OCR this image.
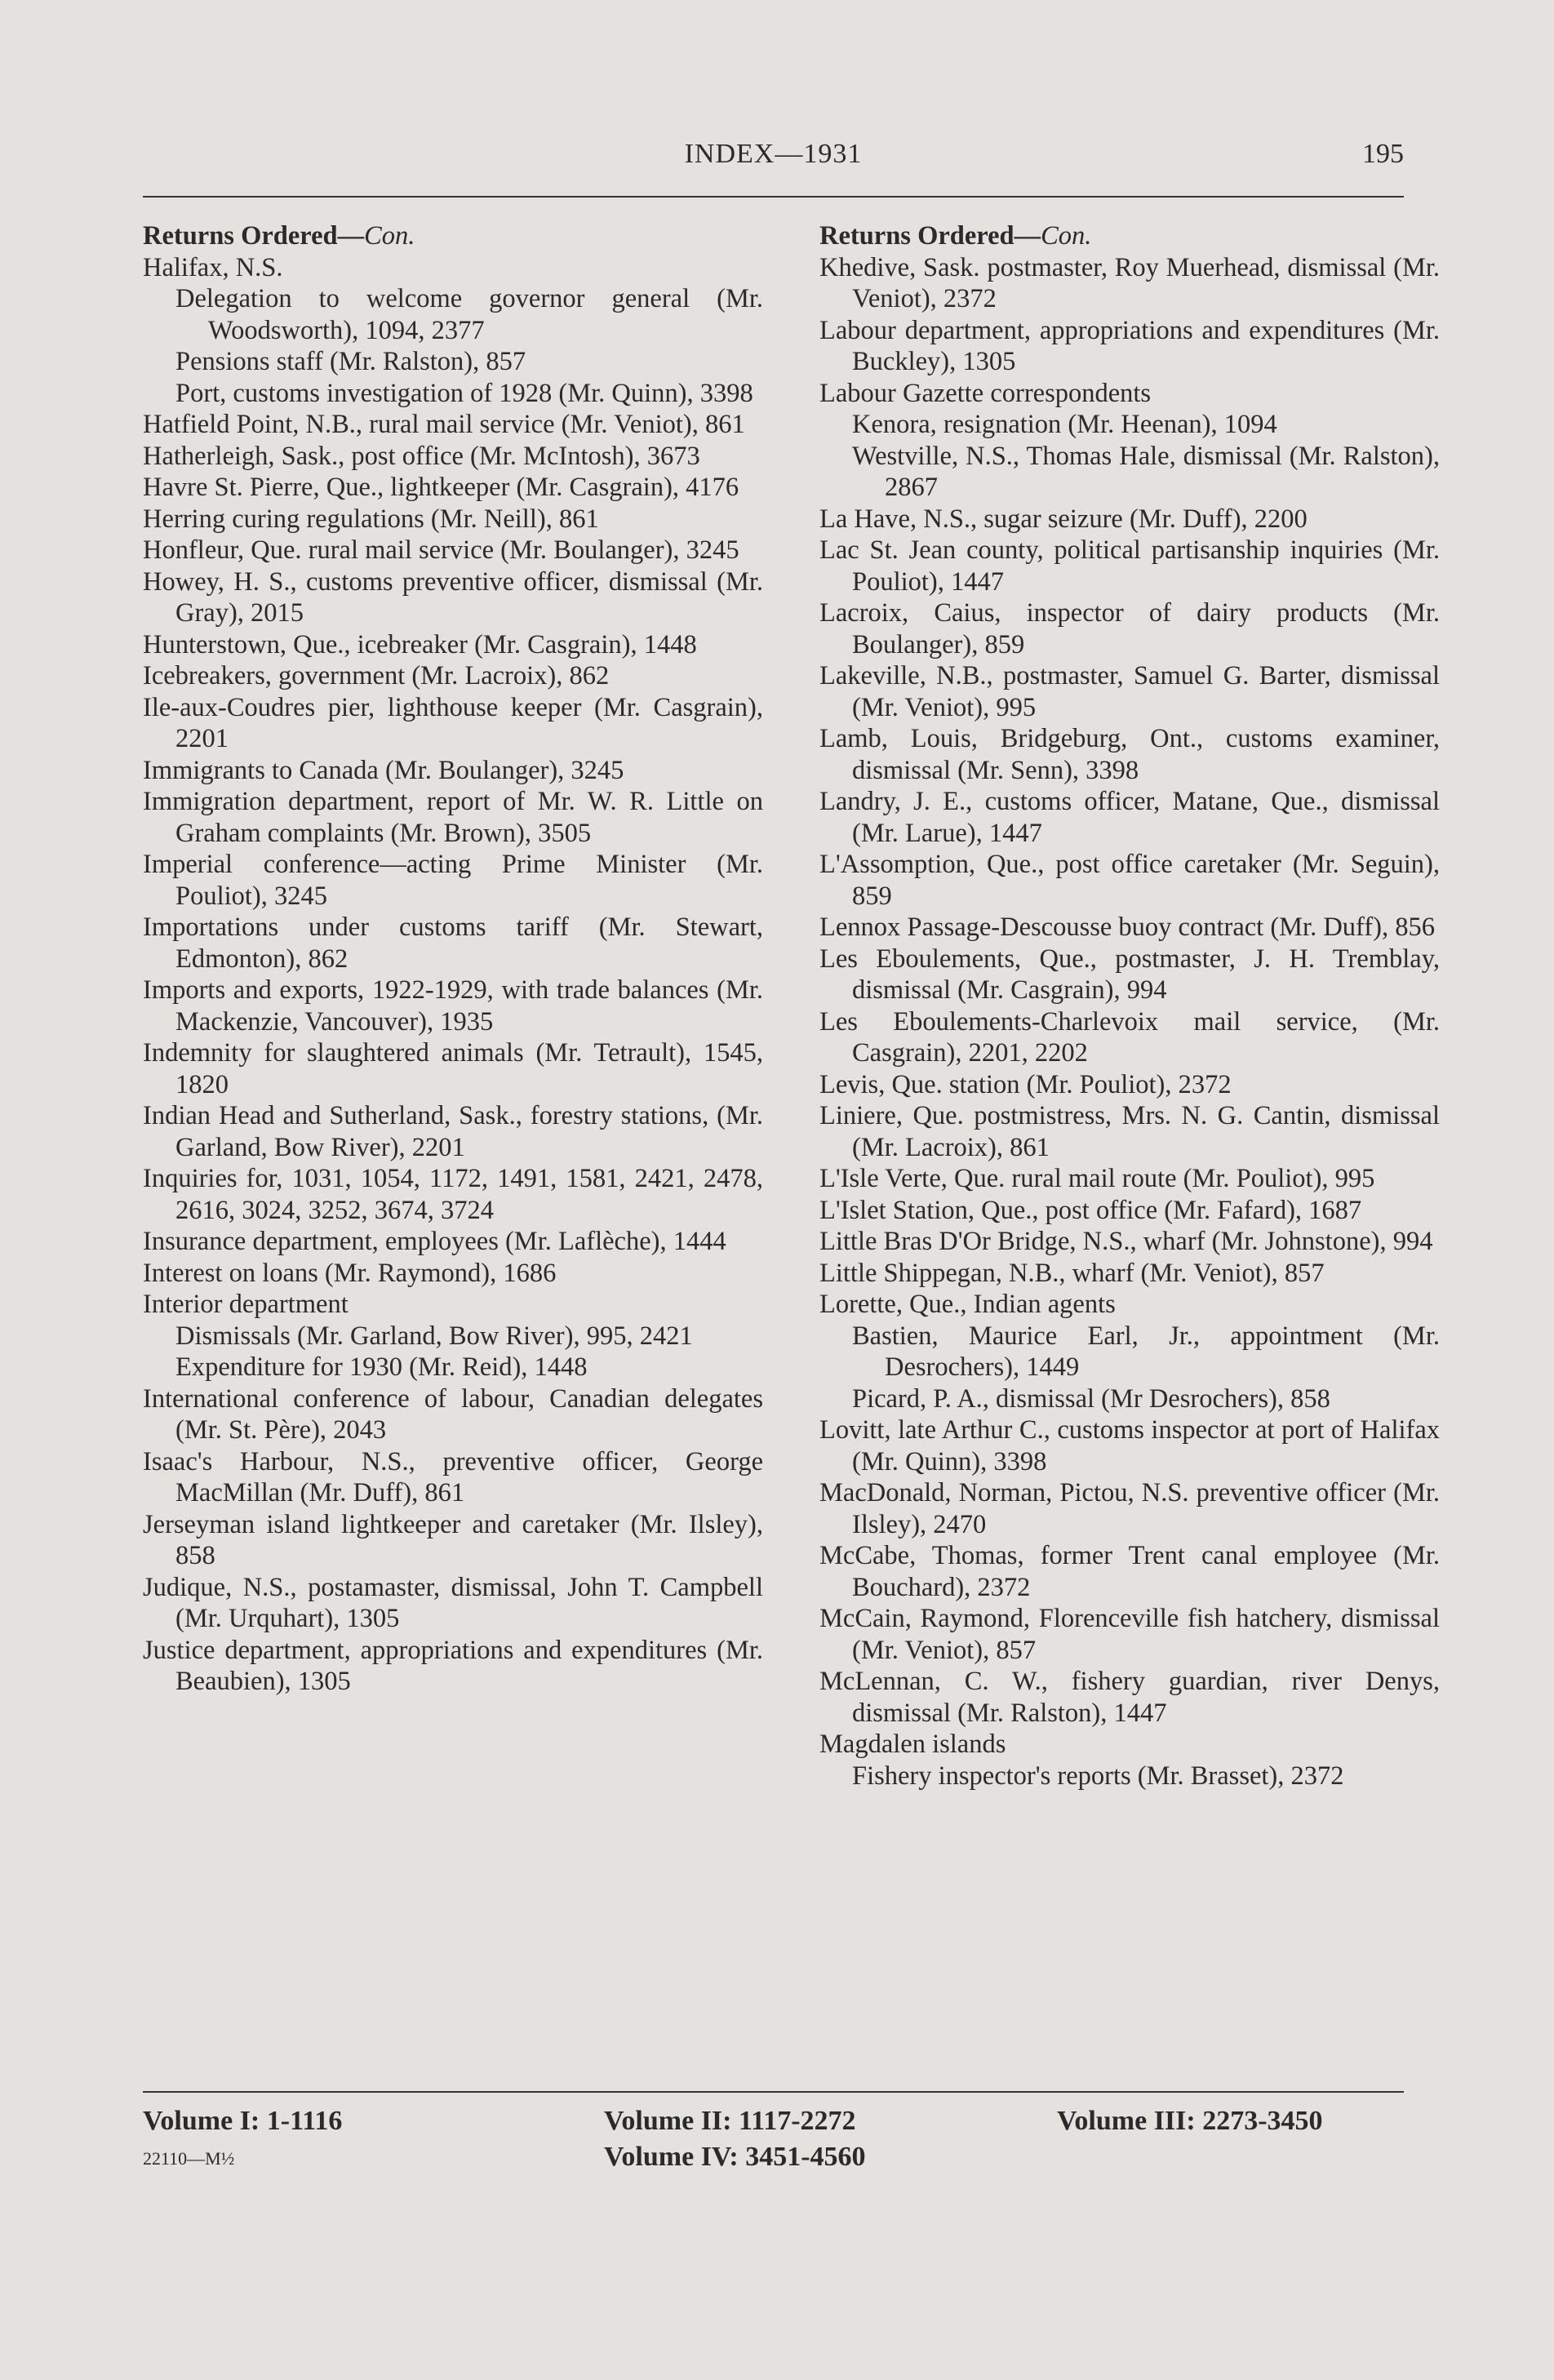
INDEX—1931	195
Returns Ordered—Con.
Halifax, N.S.
Delegation to welcome governor general (Mr. Woodsworth), 1094, 2377
Pensions staff (Mr. Ralston), 857
Port, customs investigation of 1928 (Mr. Quinn), 3398
Hatfield Point, N.B., rural mail service (Mr. Veniot), 861
Hatherleigh, Sask., post office (Mr. McIntosh), 3673
Havre St. Pierre, Que., lightkeeper (Mr. Casgrain), 4176
Herring curing regulations (Mr. Neill), 861
Honfleur, Que. rural mail service (Mr. Boulanger), 3245
Howey, H. S., customs preventive officer, dismissal (Mr. Gray), 2015
Hunterstown, Que., icebreaker (Mr. Casgrain), 1448
Icebreakers, government (Mr. Lacroix), 862
Ile-aux-Coudres pier, lighthouse keeper (Mr. Casgrain), 2201
Immigrants to Canada (Mr. Boulanger), 3245
Immigration department, report of Mr. W. R. Little on Graham complaints (Mr. Brown), 3505
Imperial conference—acting Prime Minister (Mr. Pouliot), 3245
Importations under customs tariff (Mr. Stewart, Edmonton), 862
Imports and exports, 1922-1929, with trade balances (Mr. Mackenzie, Vancouver), 1935
Indemnity for slaughtered animals (Mr. Tetrault), 1545, 1820
Indian Head and Sutherland, Sask., forestry stations, (Mr. Garland, Bow River), 2201
Inquiries for, 1031, 1054, 1172, 1491, 1581, 2421, 2478, 2616, 3024, 3252, 3674, 3724
Insurance department, employees (Mr. Laflèche), 1444
Interest on loans (Mr. Raymond), 1686
Interior department
Dismissals (Mr. Garland, Bow River), 995, 2421
Expenditure for 1930 (Mr. Reid), 1448
International conference of labour, Canadian delegates (Mr. St. Père), 2043
Isaac's Harbour, N.S., preventive officer, George MacMillan (Mr. Duff), 861
Jerseyman island lightkeeper and caretaker (Mr. Ilsley), 858
Judique, N.S., postamaster, dismissal, John T. Campbell (Mr. Urquhart), 1305
Justice department, appropriations and expenditures (Mr. Beaubien), 1305
Returns Ordered—Con.
Khedive, Sask. postmaster, Roy Muerhead, dismissal (Mr. Veniot), 2372
Labour department, appropriations and expenditures (Mr. Buckley), 1305
Labour Gazette correspondents
Kenora, resignation (Mr. Heenan), 1094
Westville, N.S., Thomas Hale, dismissal (Mr. Ralston), 2867
La Have, N.S., sugar seizure (Mr. Duff), 2200
Lac St. Jean county, political partisanship inquiries (Mr. Pouliot), 1447
Lacroix, Caius, inspector of dairy products (Mr. Boulanger), 859
Lakeville, N.B., postmaster, Samuel G. Barter, dismissal (Mr. Veniot), 995
Lamb, Louis, Bridgeburg, Ont., customs examiner, dismissal (Mr. Senn), 3398
Landry, J. E., customs officer, Matane, Que., dismissal (Mr. Larue), 1447
L'Assomption, Que., post office caretaker (Mr. Seguin), 859
Lennox Passage-Descousse buoy contract (Mr. Duff), 856
Les Eboulements, Que., postmaster, J. H. Tremblay, dismissal (Mr. Casgrain), 994
Les Eboulements-Charlevoix mail service, (Mr. Casgrain), 2201, 2202
Levis, Que. station (Mr. Pouliot), 2372
Liniere, Que. postmistress, Mrs. N. G. Cantin, dismissal (Mr. Lacroix), 861
L'Isle Verte, Que. rural mail route (Mr. Pouliot), 995
L'Islet Station, Que., post office (Mr. Fafard), 1687
Little Bras D'Or Bridge, N.S., wharf (Mr. Johnstone), 994
Little Shippegan, N.B., wharf (Mr. Veniot), 857
Lorette, Que., Indian agents
Bastien, Maurice Earl, Jr., appointment (Mr. Desrochers), 1449
Picard, P. A., dismissal (Mr Desrochers), 858
Lovitt, late Arthur C., customs inspector at port of Halifax (Mr. Quinn), 3398
MacDonald, Norman, Pictou, N.S. preventive officer (Mr. Ilsley), 2470
McCabe, Thomas, former Trent canal employee (Mr. Bouchard), 2372
McCain, Raymond, Florenceville fish hatchery, dismissal (Mr. Veniot), 857
McLennan, C. W., fishery guardian, river Denys, dismissal (Mr. Ralston), 1447
Magdalen islands
Fishery inspector's reports (Mr. Brasset), 2372
Volume I: 1-1116
22110—M½
Volume II: 1117-2272
Volume IV: 3451-4560
Volume III: 2273-3450
